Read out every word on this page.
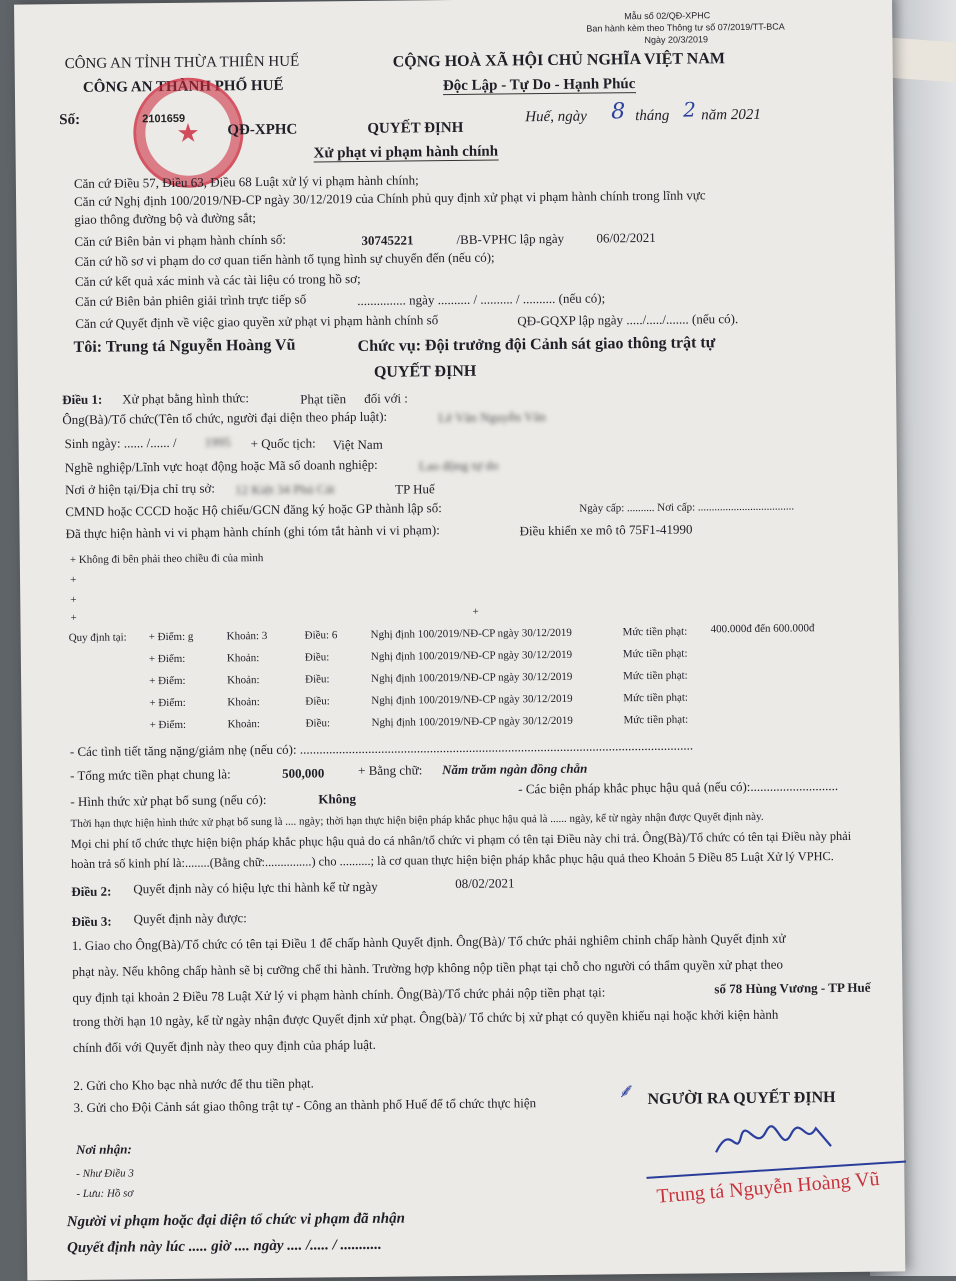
Mẫu số 02/QĐ-XPHC
Ban hành kèm theo Thông tư số 07/2019/TT-BCA
Ngày 20/3/2019
CÔNG AN TỈNH THỪA THIÊN HUẾ
CÔNG AN THÀNH PHỐ HUẾ
CỘNG HOÀ XÃ HỘI CHỦ NGHĨA VIỆT NAM
Độc Lập - Tự Do - Hạnh Phúc
★
2101659
Số:
QĐ-XPHC	QUYẾT ĐỊNH
Huế, ngày 8 tháng 2 năm 2021
Xử phạt vi phạm hành chính
Căn cứ Điều 57, Điều 63, Điều 68 Luật xử lý vi phạm hành chính;
Căn cứ Nghị định 100/2019/NĐ-CP ngày 30/12/2019 của Chính phủ quy định xử phạt vi phạm hành chính trong lĩnh vực
giao thông đường bộ và đường sắt;
Căn cứ Biên bản vi phạm hành chính số:	30745221	/BB-VPHC lập ngày 06/02/2021
Căn cứ hồ sơ vi phạm do cơ quan tiến hành tố tụng hình sự chuyển đến (nếu có);
Căn cứ kết quả xác minh và các tài liệu có trong hồ sơ;
Căn cứ Biên bản phiên giải trình trực tiếp số	............... ngày .......... / .......... / .......... (nếu có);
Căn cứ Quyết định về việc giao quyền xử phạt vi phạm hành chính số	QĐ-GQXP lập ngày ...../...../....... (nếu có).
Tôi: Trung tá Nguyễn Hoàng Vũ	Chức vụ: Đội trưởng đội Cảnh sát giao thông trật tự
QUYẾT ĐỊNH
Điều 1: Xử phạt bằng hình thức:	Phạt tiền đối với :
Ông(Bà)/Tổ chức(Tên tổ chức, người đại diện theo pháp luật):	Lê Văn Nguyễn Văn
Sinh ngày: ...... /...... / 1995 + Quốc tịch: Việt Nam
Nghề nghiệp/Lĩnh vực hoạt động hoặc Mã số doanh nghiệp:	Lao động tự do
Nơi ở hiện tại/Địa chỉ trụ sở: 12 Kiệt 34 Phú Cát	TP Huế
CMND hoặc CCCD hoặc Hộ chiếu/GCN đăng ký hoặc GP thành lập số:	Ngày cấp: .......... Nơi cấp: ...................................
Đã thực hiện hành vi vi phạm hành chính (ghi tóm tắt hành vi vi phạm):	Điều khiển xe mô tô 75F1-41990
+ Không đi bên phải theo chiều đi của mình
+
+
+
+
Quy định tại: + Điểm: g	Khoản: 3	Điều: 6	Nghị định 100/2019/NĐ-CP ngày 30/12/2019	Mức tiền phạt: 400.000đ đến 600.000đ
+ Điểm:	Khoản:	Điều:	Nghị định 100/2019/NĐ-CP ngày 30/12/2019	Mức tiền phạt:
+ Điểm:	Khoản:	Điều:	Nghị định 100/2019/NĐ-CP ngày 30/12/2019	Mức tiền phạt:
+ Điểm:	Khoản:	Điều:	Nghị định 100/2019/NĐ-CP ngày 30/12/2019	Mức tiền phạt:
+ Điểm:	Khoản:	Điều:	Nghị định 100/2019/NĐ-CP ngày 30/12/2019	Mức tiền phạt:
- Các tình tiết tăng nặng/giảm nhẹ (nếu có): .........................................................................................................................
- Tổng mức tiền phạt chung là:	500,000	+ Bằng chữ: Năm trăm ngàn đồng chẵn
- Các biện pháp khắc phục hậu quả (nếu có):...........................
- Hình thức xử phạt bổ sung (nếu có):	Không
Thời hạn thực hiện hình thức xử phạt bổ sung là .... ngày; thời hạn thực hiện biện pháp khắc phục hậu quả là ...... ngày, kể từ ngày nhận được Quyết định này.
Mọi chi phí tổ chức thực hiện biện pháp khắc phục hậu quả do cá nhân/tổ chức vi phạm có tên tại Điều này chi trả. Ông(Bà)/Tổ chức có tên tại Điều này phải
hoàn trả số kinh phí là:........(Bằng chữ:...............) cho ..........; là cơ quan thực hiện biện pháp khắc phục hậu quả theo Khoản 5 Điều 85 Luật Xử lý VPHC.
Điều 2: Quyết định này có hiệu lực thi hành kể từ ngày	08/02/2021
Điều 3: Quyết định này được:
1. Giao cho Ông(Bà)/Tổ chức có tên tại Điều 1 để chấp hành Quyết định. Ông(Bà)/ Tổ chức phải nghiêm chỉnh chấp hành Quyết định xử
phạt này. Nếu không chấp hành sẽ bị cưỡng chế thi hành. Trường hợp không nộp tiền phạt tại chỗ cho người có thẩm quyền xử phạt theo
quy định tại khoản 2 Điều 78 Luật Xử lý vi phạm hành chính. Ông(Bà)/Tổ chức phải nộp tiền phạt tại:	số 78 Hùng Vương - TP Huế
trong thời hạn 10 ngày, kể từ ngày nhận được Quyết định xử phạt. Ông(bà)/ Tổ chức bị xử phạt có quyền khiếu nại hoặc khởi kiện hành
chính đối với Quyết định này theo quy định của pháp luật.
2. Gửi cho Kho bạc nhà nước để thu tiền phạt.
3. Gửi cho Đội Cảnh sát giao thông trật tự - Công an thành phố Huế để tổ chức thực hiện
⸙ NGƯỜI RA QUYẾT ĐỊNH
Trung tá Nguyễn Hoàng Vũ
Nơi nhận:
- Như Điều 3
- Lưu: Hồ sơ
Người vi phạm hoặc đại diện tổ chức vi phạm đã nhận
Quyết định này lúc ..... giờ .... ngày .... /..... / ...........
